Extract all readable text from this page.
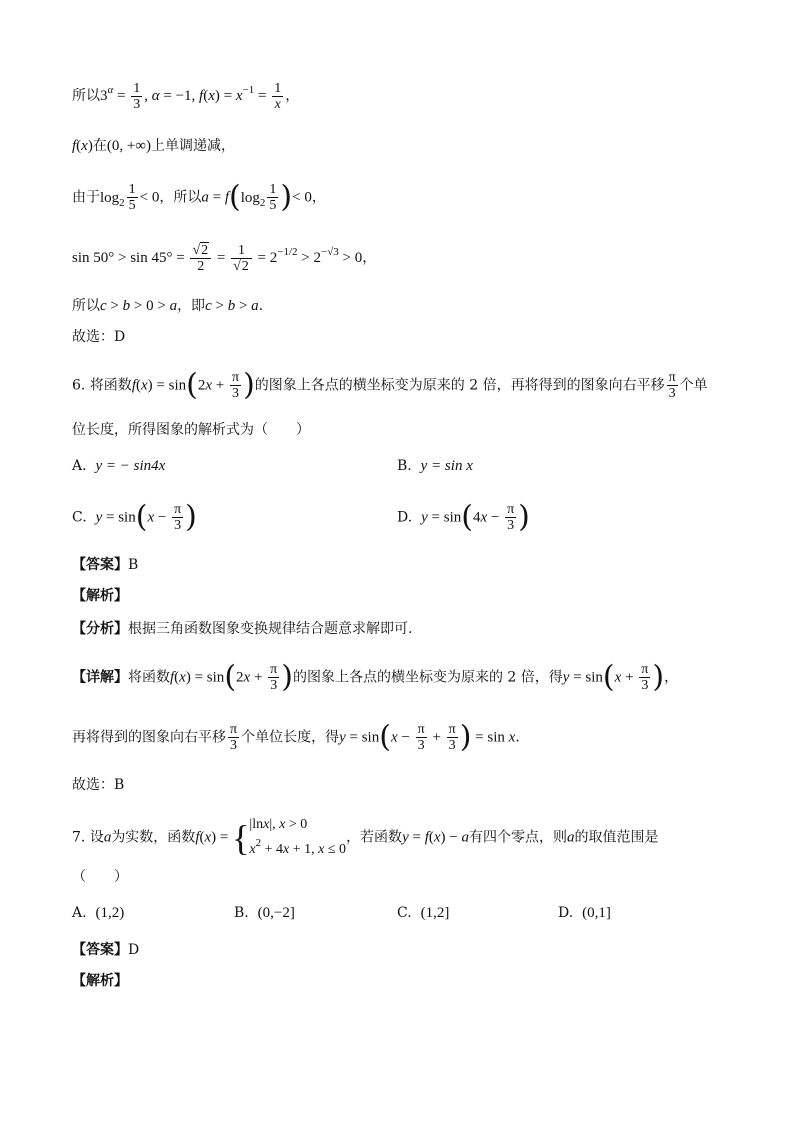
所以$3^\alpha = \frac{1}{3}$ , α = −1, $f(x) = x^{-1} = \frac{1}{x}$ ，
f(x)在(0, +∞)上单调递减，
由于$\log_2 \frac{1}{5} < 0$，所以$a = f(\log_2 \frac{1}{5}$ )< 0，
$\sin 50^\circ > \sin 45^\circ = \frac{√2}{2} = \frac{1}{√2} = 2^{-1/2} > 2^{-√3} > 0$，
所以c > b > 0 > a，即c > b > a.
故选：D
6. 将函数$f(x) = \sin(2x + \frac{\pi}{3}$ )的图象上各点的横坐标变为原来的 2 倍，再将得到的图象向右平移 $\frac{\pi}{3}$ 个单
位长度，所得图象的解析式为（　　）
A. y = − sin4x	B. y = sin x
C. $y = \sin(x - \frac{\pi}{3}$ )	D. $y = \sin(4x - \frac{\pi}{3}$ )
【答案】B
【解析】
【分析】根据三角函数图象变换规律结合题意求解即可.
【详解】将函数$f(x) = \sin(2x + \frac{\pi}{3}$ )的图象上各点的横坐标变为原来的 2 倍，得$y = \sin(x + \frac{\pi}{3}$ )，
再将得到的图象向右平移 $\frac{\pi}{3}$ 个单位长度，得$y = \sin(x - \frac{\pi}{3} + \frac{\pi}{3}$ ) = sin x.
故选：B
7. 设a为实数，函数f(x) = { |lnx|, x > 0
$x^2 + 4x + 1$, x ≤ 0
，若函数y = f(x) − a有四个零点，则a的取值范围是
（　　）
A. (1,2)	B. (0,−2]	C. (1,2]	D. (0,1]
【答案】D
【解析】
